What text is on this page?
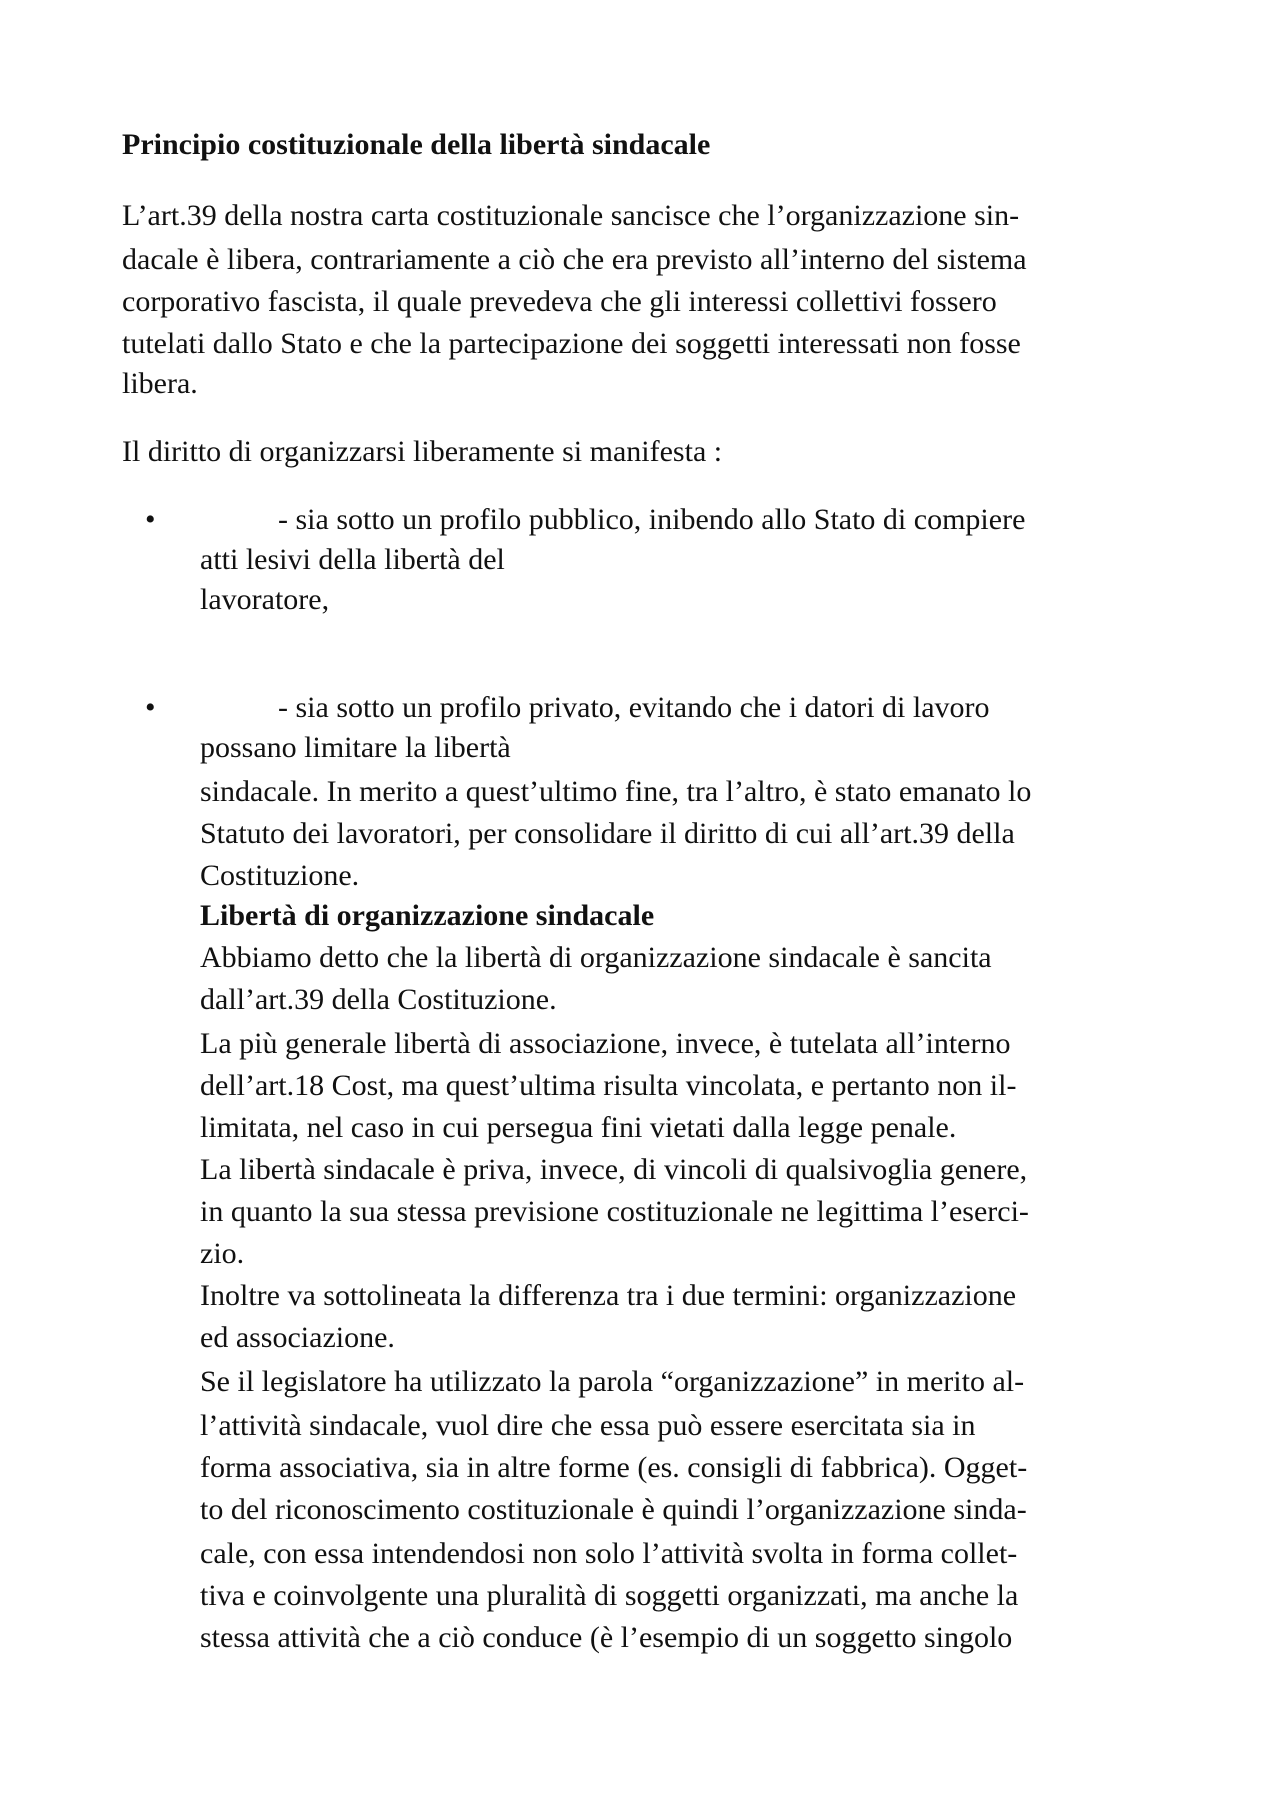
Principio costituzionale della libertà sindacale

L’art.39 della nostra carta costituzionale sancisce che l’organizzazione sin-

dacale è libera, contrariamente a ciò che era previsto all’interno del sistema

corporativo fascista, il quale prevedeva che gli interessi collettivi fossero

tutelati dallo Stato e che la partecipazione dei soggetti interessati non fosse

libera.

Il diritto di organizzarsi liberamente si manifesta :

•	- sia sotto un profilo pubblico, inibendo allo Stato di compiere

atti lesivi della libertà del

lavoratore,

•	- sia sotto un profilo privato, evitando che i datori di lavoro

possano limitare la libertà

sindacale. In merito a quest’ultimo fine, tra l’altro, è stato emanato lo

Statuto dei lavoratori, per consolidare il diritto di cui all’art.39 della

Costituzione.

Libertà di organizzazione sindacale

Abbiamo detto che la libertà di organizzazione sindacale è sancita

dall’art.39 della Costituzione.

La più generale libertà di associazione, invece, è tutelata all’interno

dell’art.18 Cost, ma quest’ultima risulta vincolata, e pertanto non il-

limitata, nel caso in cui persegua fini vietati dalla legge penale.

La libertà sindacale è priva, invece, di vincoli di qualsivoglia genere,

in quanto la sua stessa previsione costituzionale ne legittima l’eserci-

zio.

Inoltre va sottolineata la differenza tra i due termini: organizzazione

ed associazione.

Se il legislatore ha utilizzato la parola “organizzazione” in merito al-

l’attività sindacale, vuol dire che essa può essere esercitata sia in

forma associativa, sia in altre forme (es. consigli di fabbrica). Ogget-

to del riconoscimento costituzionale è quindi l’organizzazione sinda-

cale, con essa intendendosi non solo l’attività svolta in forma collet-

tiva e coinvolgente una pluralità di soggetti organizzati, ma anche la

stessa attività che a ciò conduce (è l’esempio di un soggetto singolo
